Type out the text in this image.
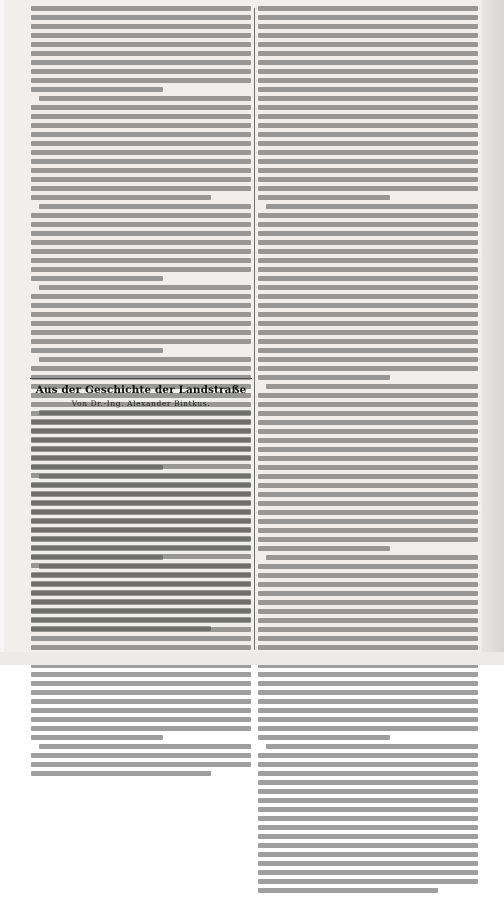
Aus der Geschichte der Landstraße
Von Dr.-Ing. Alexander Bintkus.
